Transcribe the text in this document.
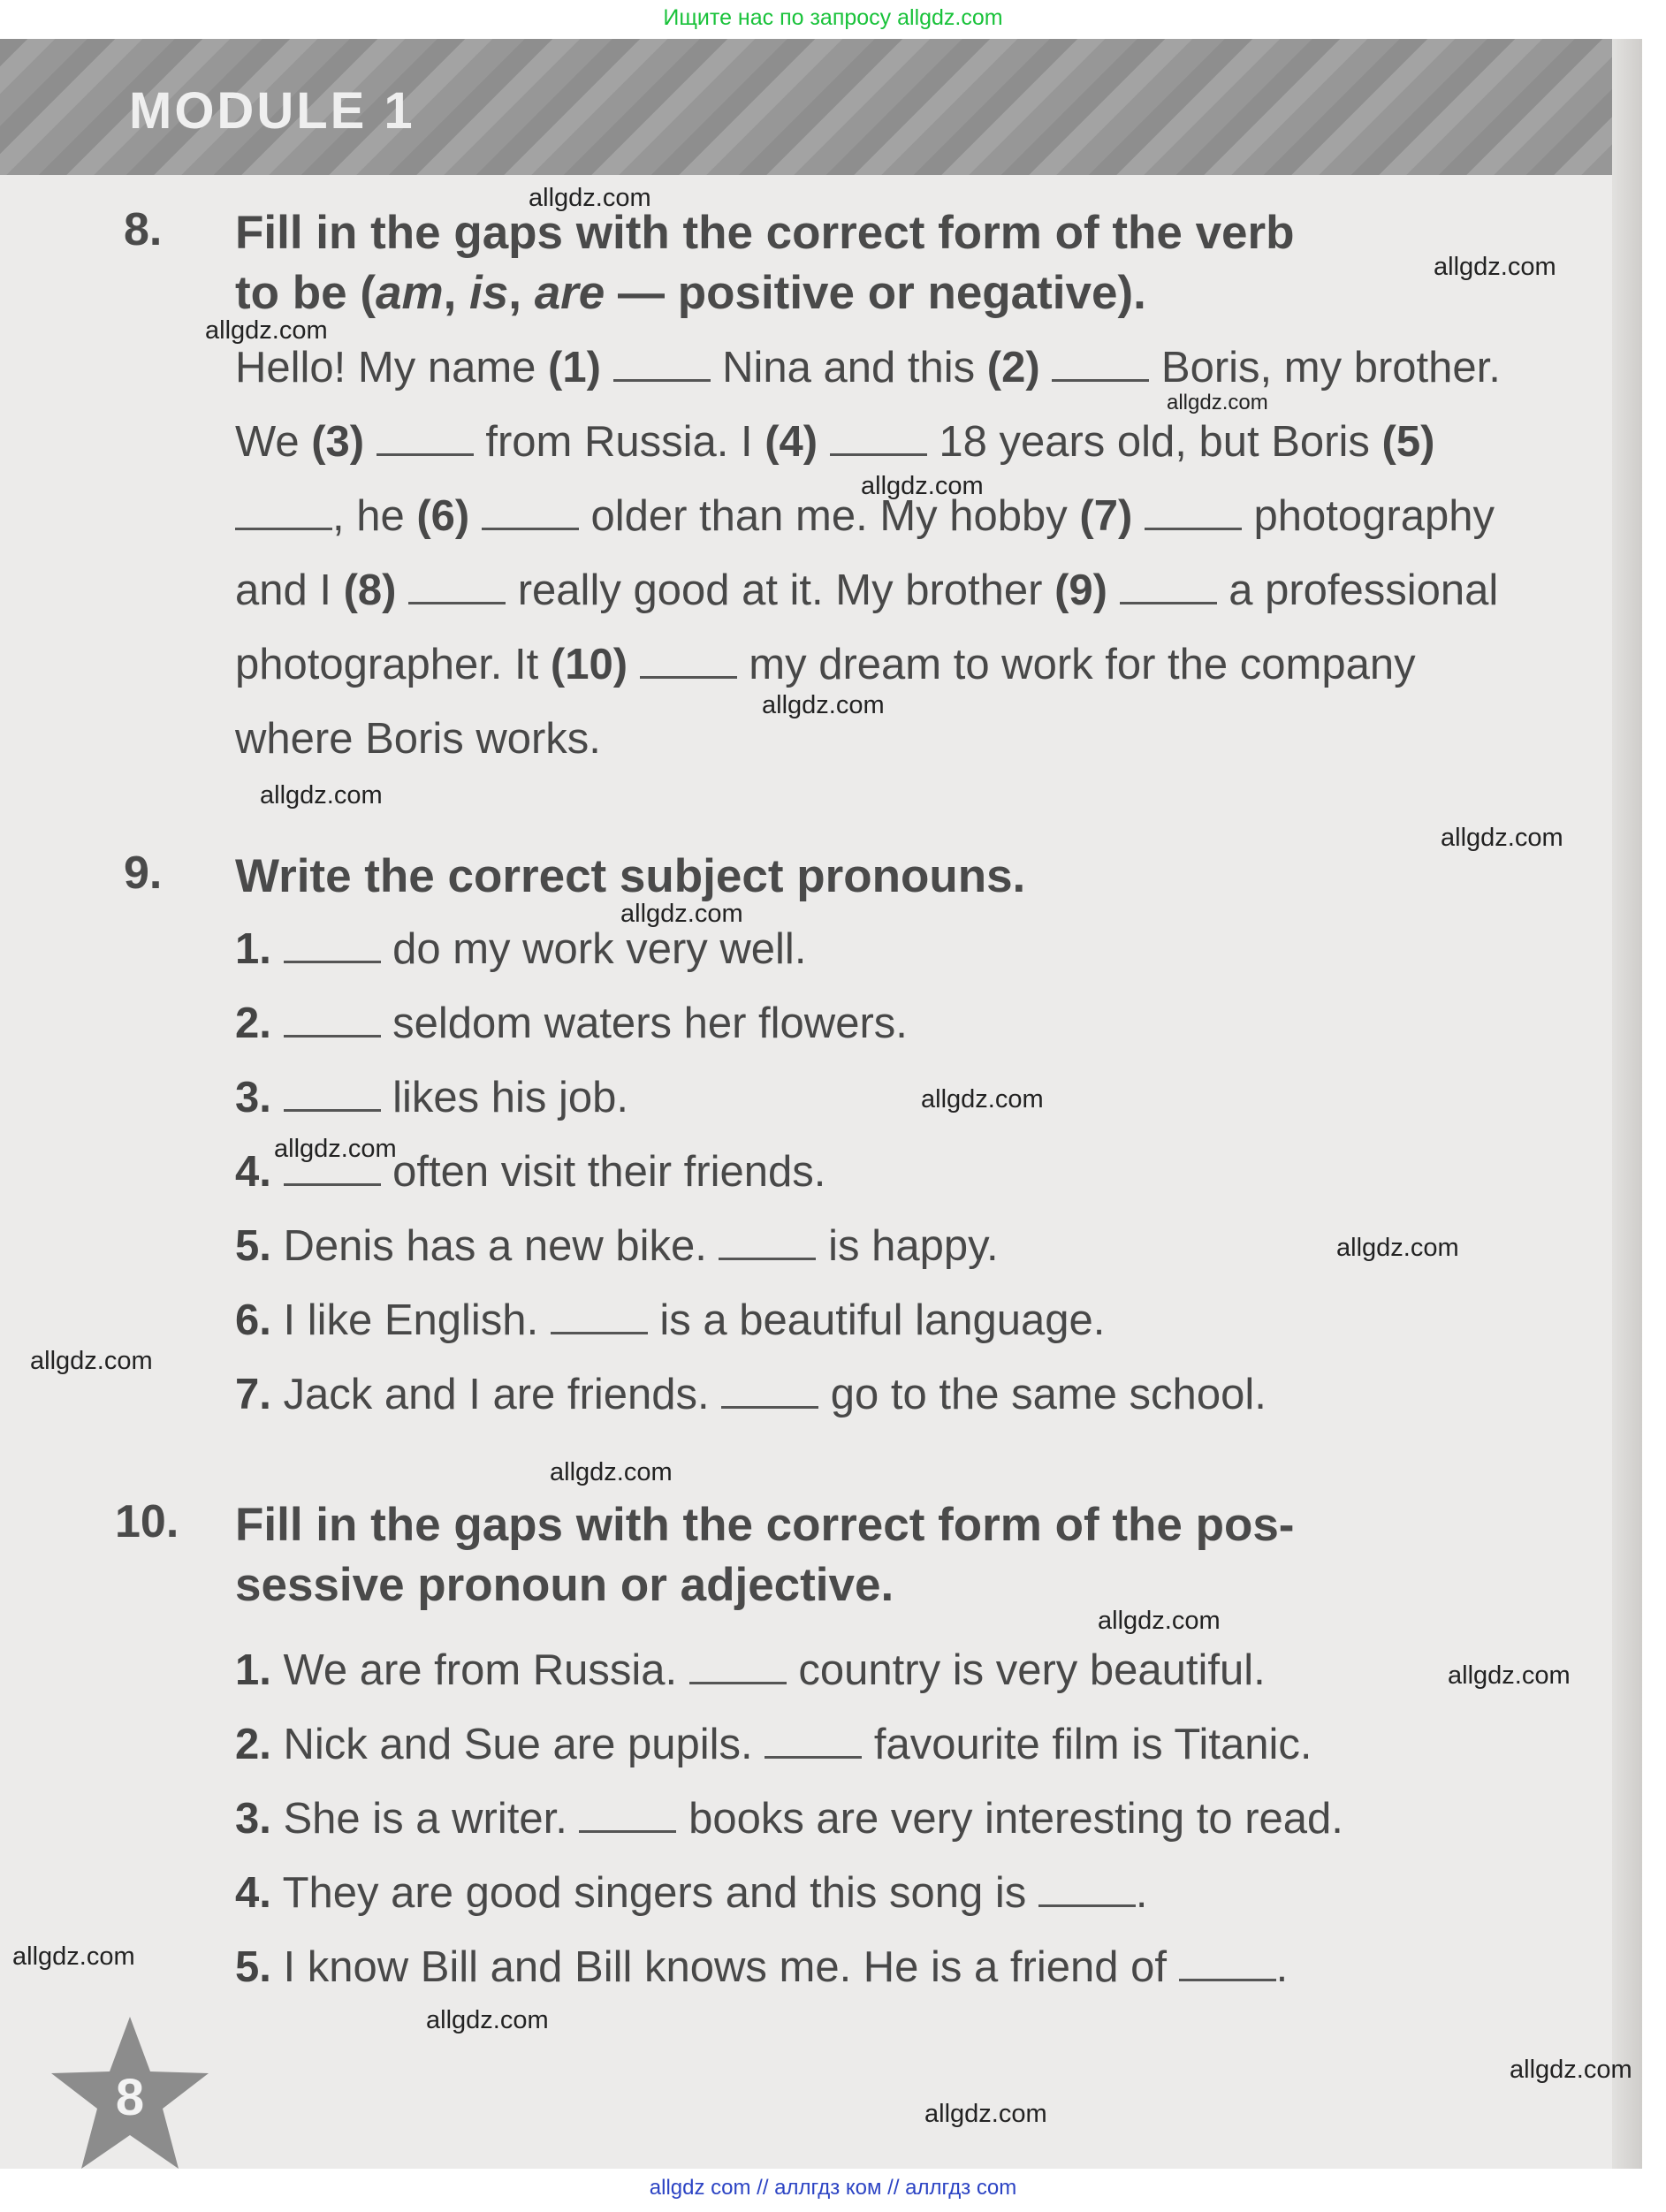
Ищите нас по запросу allgdz.com
MODULE 1
8. Fill in the gaps with the correct form of the verb
to be (am, is, are — positive or negative).
Hello! My name (1)	Nina and this (2)	Boris, my brother. We (3)	from Russia. I (4)	18 years old, but Boris (5) , he (6)	older than me. My hobby (7)	photography and I (8)	really good at it. My brother (9)	a professional photographer. It (10)	my dream to work for the company where Boris works.
9. Write the correct subject pronouns.
1.	do my work very well.
2.	seldom waters her flowers.
3.	likes his job.
4.	often visit their friends.
5. Denis has a new bike.  is happy.
6. I like English.  is a beautiful language.
7. Jack and I are friends.  go to the same school.
10. Fill in the gaps with the correct form of the pos-
sessive pronoun or adjective.
1. We are from Russia.  country is very beautiful.
2. Nick and Sue are pupils.  favourite film is Titanic.
3. She is a writer.  books are very interesting to read.
4. They are good singers and this song is .
5. I know Bill and Bill knows me. He is a friend of .
8
allgdz.com
allgdz.com
allgdz.com
allgdz.com
allgdz.com
allgdz.com
allgdz.com
allgdz.com
allgdz.com
allgdz.com
allgdz.com
allgdz.com
allgdz.com
allgdz.com
allgdz.com
allgdz.com
allgdz.com
allgdz.com
allgdz.com
allgdz.com
allgdz com // аллгдз ком // аллгдз com
